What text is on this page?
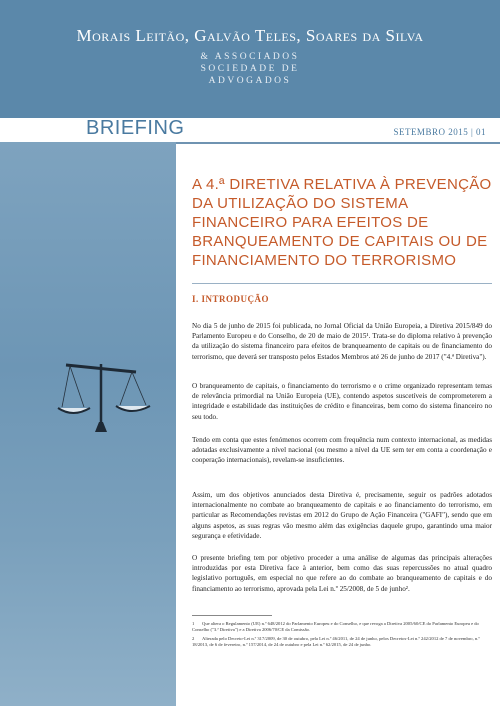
Morais Leitão, Galvão Teles, Soares da Silva
& ASSOCIADOS
SOCIEDADE DE
ADVOGADOS
BRIEFING	SETEMBRO 2015 | 01
A 4.ª DIRETIVA RELATIVA À PREVENÇÃO DA UTILIZAÇÃO DO SISTEMA FINANCEIRO PARA EFEITOS DE BRANQUEAMENTO DE CAPITAIS OU DE FINANCIAMENTO DO TERRORISMO
I. INTRODUÇÃO
No dia 5 de junho de 2015 foi publicada, no Jornal Oficial da União Europeia, a Diretiva 2015/849 do Parlamento Europeu e do Conselho, de 20 de maio de 2015¹. Trata-se do diploma relativo à prevenção da utilização do sistema financeiro para efeitos de branqueamento de capitais ou de financiamento do terrorismo, que deverá ser transposto pelos Estados Membros até 26 de junho de 2017 ("4.ª Diretiva").
O branqueamento de capitais, o financiamento do terrorismo e o crime organizado representam temas de relevância primordial na União Europeia (UE), contendo aspetos suscetíveis de comprometerem a integridade e estabilidade das instituições de crédito e financeiras, bem como do sistema financeiro no seu todo.
Tendo em conta que estes fenómenos ocorrem com frequência num contexto internacional, as medidas adotadas exclusivamente a nível nacional (ou mesmo a nível da UE sem ter em conta a coordenação e cooperação internacionais), revelam-se insuficientes.
Assim, um dos objetivos anunciados desta Diretiva é, precisamente, seguir os padrões adotados internacionalmente no combate ao branqueamento de capitais e ao financiamento do terrorismo, em particular as Recomendações revistas em 2012 do Grupo de Ação Financeira ("GAFI"), sendo que em alguns aspetos, as suas regras vão mesmo além das exigências daquele grupo, garantindo uma maior segurança e efetividade.
O presente briefing tem por objetivo proceder a uma análise de algumas das principais alterações introduzidas por esta Diretiva face à anterior, bem como das suas repercussões no atual quadro legislativo português, em especial no que refere ao do combate ao branqueamento de capitais e do financiamento ao terrorismo, aprovada pela Lei n.º 25/2008, de 5 de junho².
1 Que altera o Regulamento (UE) n.º 648/2012 do Parlamento Europeu e do Conselho, e que revoga a Diretiva 2005/60/CE do Parlamento Europeu e do Conselho ("3.ª Diretiva") e a Diretiva 2006/70/CE da Comissão.
2 Alterada pelo Decreto-Lei n.º 317/2009, de 30 de outubro, pela Lei n.º 46/2011, de 24 de junho, pelos Decretos-Lei n.º 242/2012 de 7 de novembro, n.º 18/2013, de 6 de fevereiro, n.º 157/2014, de 24 de outubro e pela Lei n.º 62/2015, de 24 de junho.
